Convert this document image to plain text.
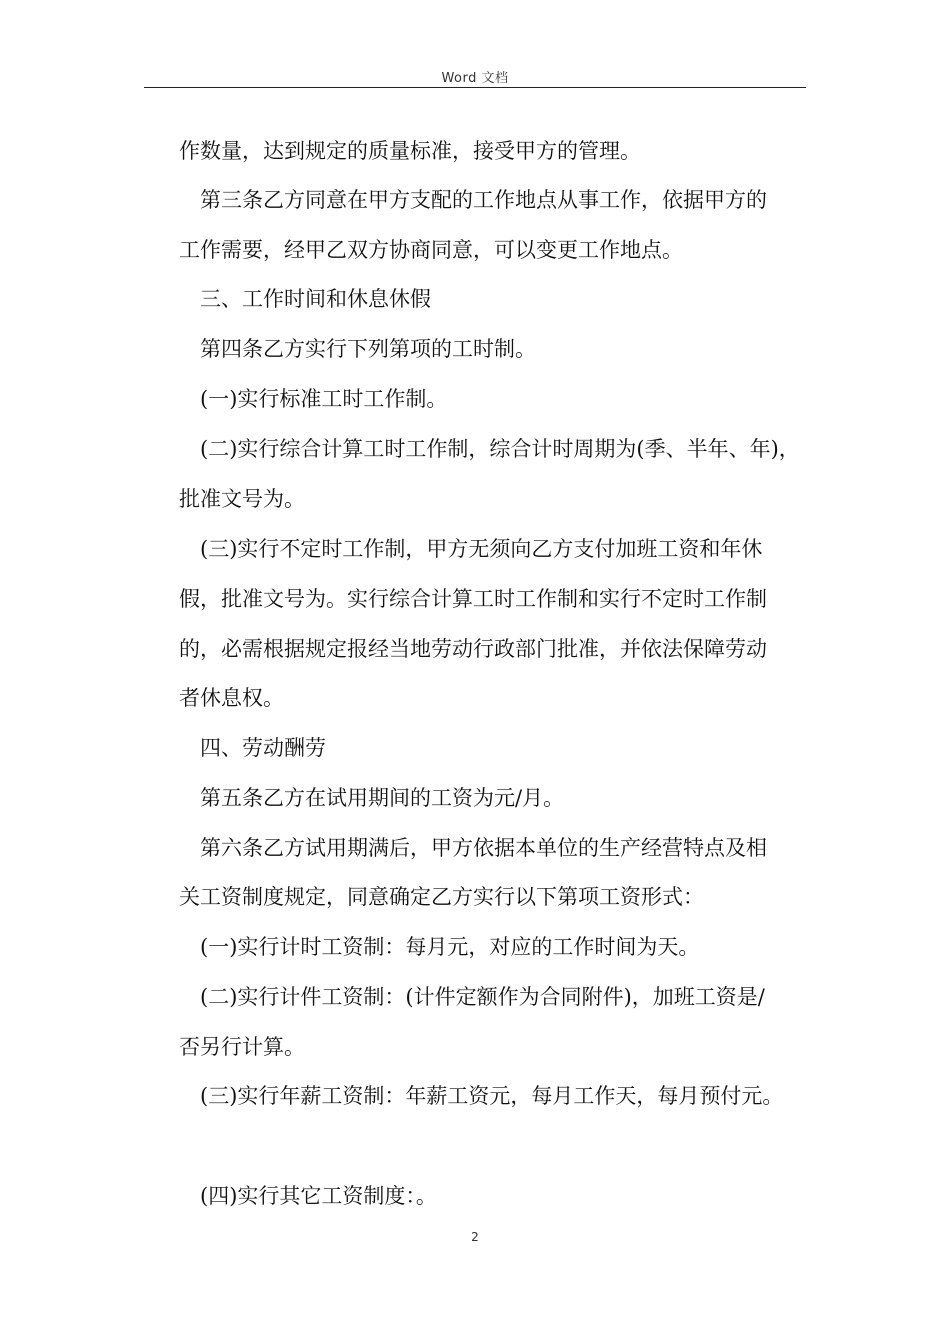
Word 文档
作数量，达到规定的质量标准，接受甲方的管理。
第三条乙方同意在甲方支配的工作地点从事工作，依据甲方的
工作需要，经甲乙双方协商同意，可以变更工作地点。
三、工作时间和休息休假
第四条乙方实行下列第项的工时制。
(一)实行标准工时工作制。
(二)实行综合计算工时工作制，综合计时周期为(季、半年、年)，
批准文号为。
(三)实行不定时工作制，甲方无须向乙方支付加班工资和年休
假，批准文号为。实行综合计算工时工作制和实行不定时工作制
的，必需根据规定报经当地劳动行政部门批准，并依法保障劳动
者休息权。
四、劳动酬劳
第五条乙方在试用期间的工资为元/月。
第六条乙方试用期满后，甲方依据本单位的生产经营特点及相
关工资制度规定，同意确定乙方实行以下第项工资形式：
(一)实行计时工资制：每月元，对应的工作时间为天。
(二)实行计件工资制：(计件定额作为合同附件)，加班工资是/
否另行计算。
(三)实行年薪工资制：年薪工资元，每月工作天，每月预付元。
(四)实行其它工资制度：。
2
